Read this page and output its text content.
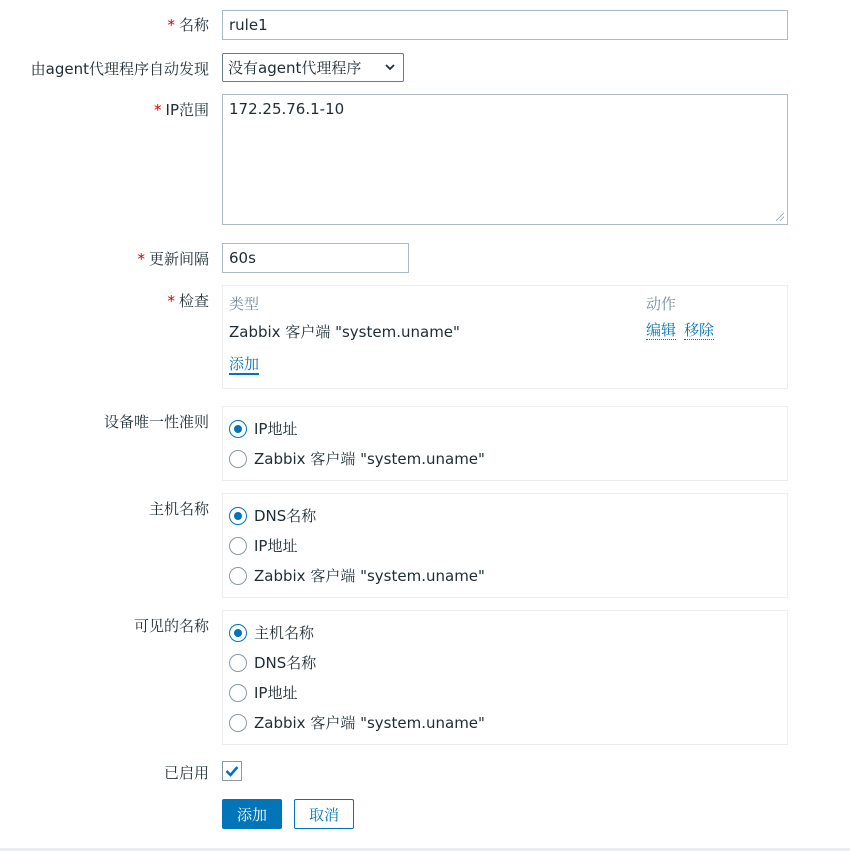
* 名称
rule1
由agent代理程序自动发现 没有agent代理程序
* IP范围
172.25.76.1-10
* 更新间隔
60s
* 检查 类型	动作
Zabbix 客户端 "system.uname"	编辑 移除
添加
设备唯一性准则	IP地址
Zabbix 客户端 "system.uname"
主机名称	DNS名称
IP地址
Zabbix 客户端 "system.uname"
可见的名称	主机名称
DNS名称
IP地址
Zabbix 客户端 "system.uname"
已启用
添加	取消
